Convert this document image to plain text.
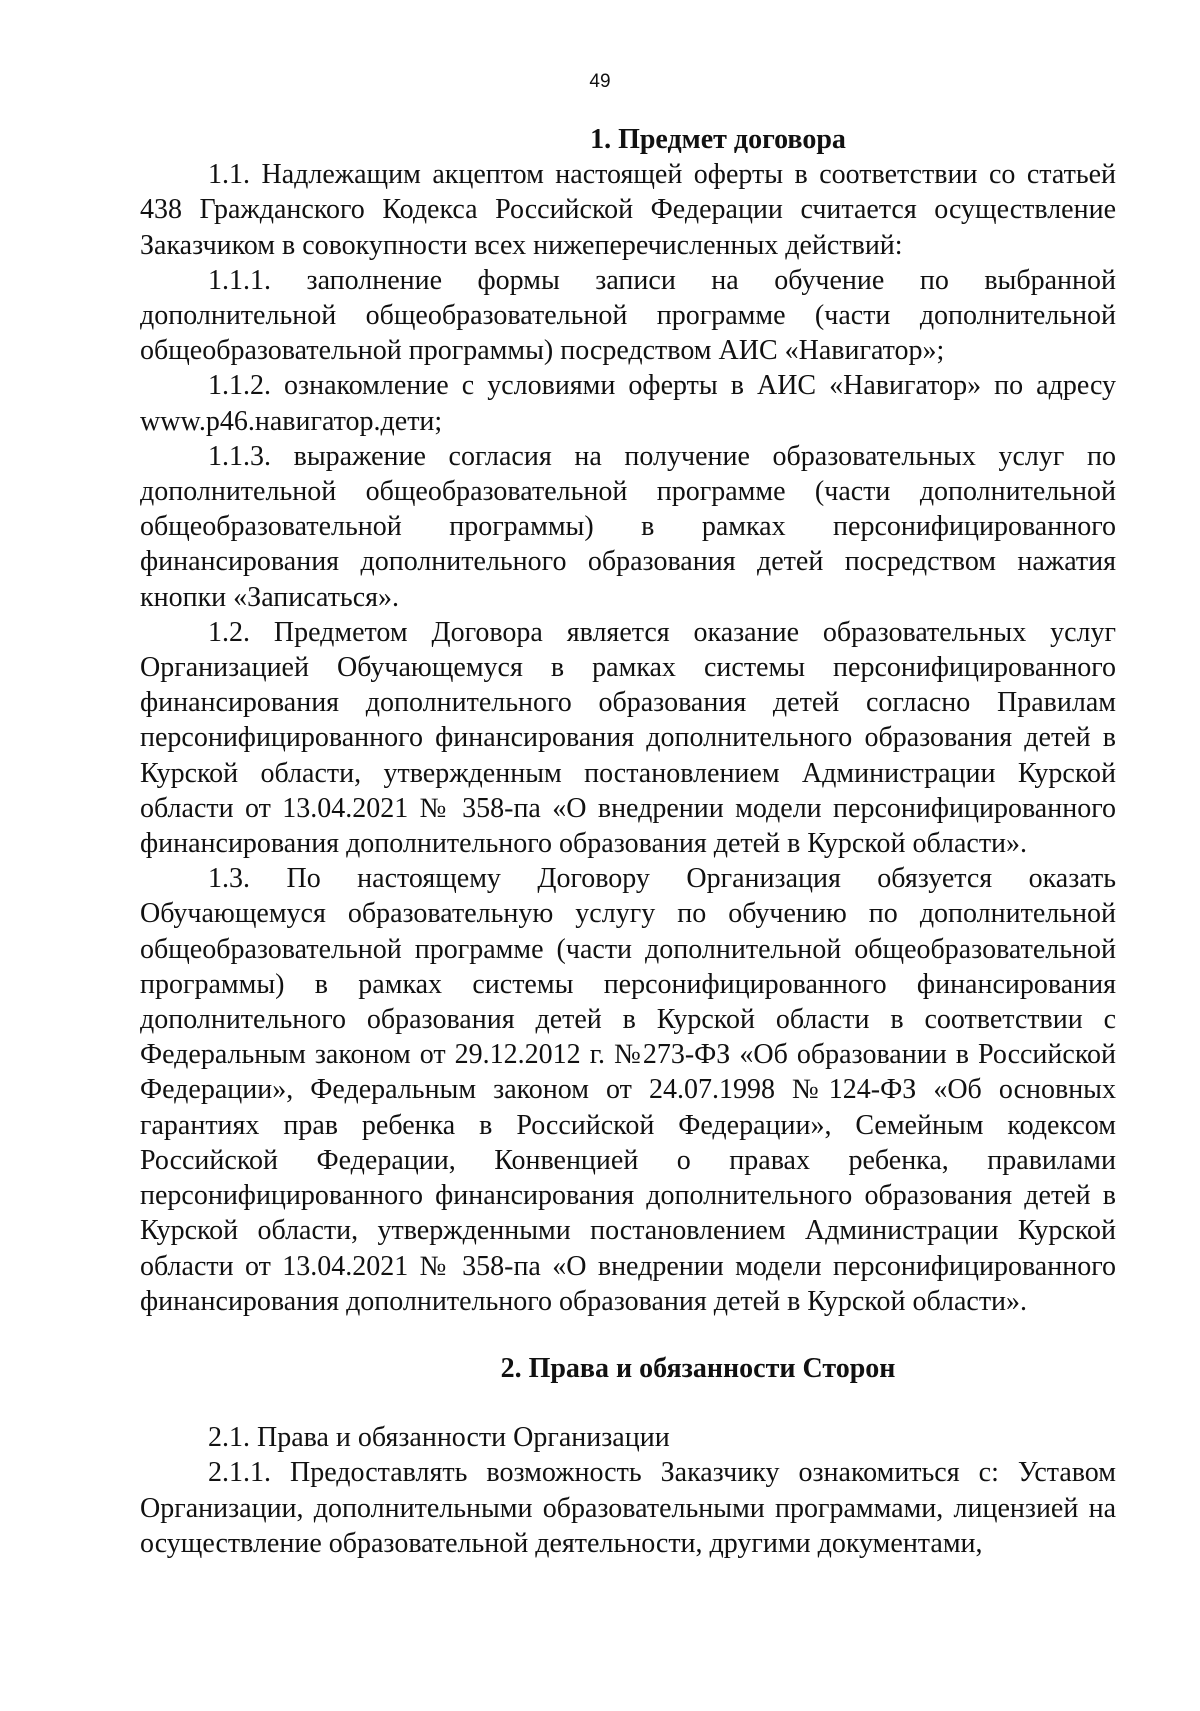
49

1. Предмет договора

1.1. Надлежащим акцептом настоящей оферты в соответствии со статьей 438 Гражданского Кодекса Российской Федерации считается осуществление Заказчиком в совокупности всех нижеперечисленных действий:

1.1.1. заполнение формы записи на обучение по выбранной дополнительной общеобразовательной программе (части дополнительной общеобразовательной программы) посредством АИС «Навигатор»;

1.1.2. ознакомление с условиями оферты в АИС «Навигатор» по адресу www.р46.навигатор.дети;

1.1.3. выражение согласия на получение образовательных услуг по дополнительной общеобразовательной программе (части дополнительной общеобразовательной программы) в рамках персонифицированного финансирования дополнительного образования детей посредством нажатия кнопки «Записаться».

1.2. Предметом Договора является оказание образовательных услуг Организацией Обучающемуся в рамках системы персонифицированного финансирования дополнительного образования детей согласно Правилам персонифицированного финансирования дополнительного образования детей в Курской области, утвержденным постановлением Администрации Курской области от 13.04.2021 № 358-па «О внедрении модели персонифицированного финансирования дополнительного образования детей в Курской области».

1.3. По настоящему Договору Организация обязуется оказать Обучающемуся образовательную услугу по обучению по дополнительной общеобразовательной программе (части дополнительной общеобразовательной программы) в рамках системы персонифицированного финансирования дополнительного образования детей в Курской области в соответствии с Федеральным законом от 29.12.2012 г. №273-ФЗ «Об образовании в Российской Федерации», Федеральным законом от 24.07.1998 №124-ФЗ «Об основных гарантиях прав ребенка в Российской Федерации», Семейным кодексом Российской Федерации, Конвенцией о правах ребенка, правилами персонифицированного финансирования дополнительного образования детей в Курской области, утвержденными постановлением Администрации Курской области от 13.04.2021 № 358-па «О внедрении модели персонифицированного финансирования дополнительного образования детей в Курской области».

2. Права и обязанности Сторон

2.1. Права и обязанности Организации

2.1.1. Предоставлять возможность Заказчику ознакомиться с: Уставом Организации, дополнительными образовательными программами, лицензией на осуществление образовательной деятельности, другими документами,
